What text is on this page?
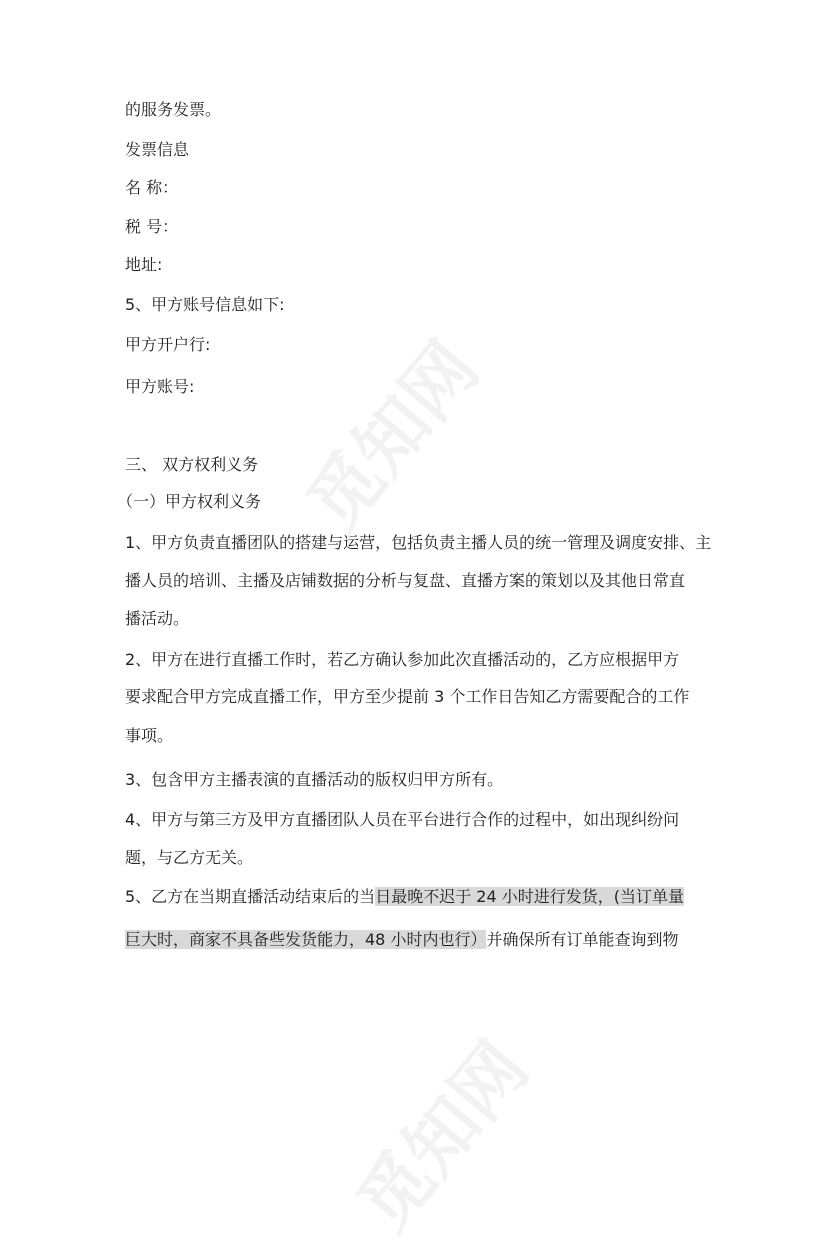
觅知网
觅知网
的服务发票。
发票信息
名 称：
税 号：
地址:
5、甲方账号信息如下:
甲方开户行:
甲方账号:
三、 双方权利义务
（一）甲方权利义务
1、甲方负责直播团队的搭建与运营，包括负责主播人员的统一管理及调度安排、主
播人员的培训、主播及店铺数据的分析与复盘、直播方案的策划以及其他日常直
播活动。
2、甲方在进行直播工作时，若乙方确认参加此次直播活动的，乙方应根据甲方
要求配合甲方完成直播工作，甲方至少提前 3 个工作日告知乙方需要配合的工作
事项。
3、包含甲方主播表演的直播活动的版权归甲方所有。
4、甲方与第三方及甲方直播团队人员在平台进行合作的过程中，如出现纠纷问
题，与乙方无关。
5、乙方在当期直播活动结束后的当日最晚不迟于 24 小时进行发货，(当订单量
巨大时，商家不具备些发货能力，48 小时内也行）并确保所有订单能查询到物
